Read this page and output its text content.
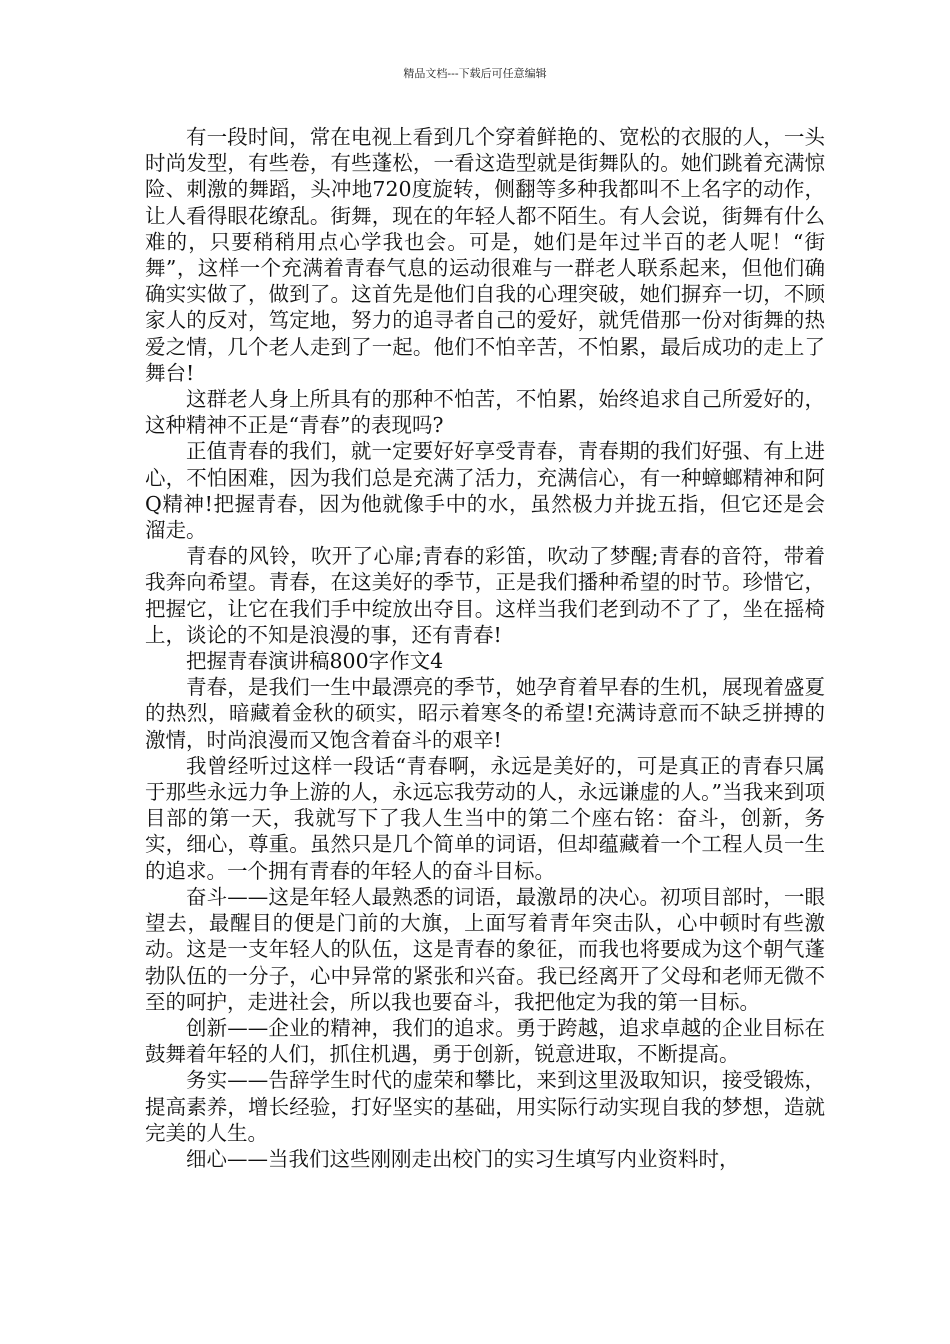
精品文档---下载后可任意编辑

有一段时间，常在电视上看到几个穿着鲜艳的、宽松的衣服的人，一头时尚发型，有些卷，有些蓬松，一看这造型就是街舞队的。她们跳着充满惊险、刺激的舞蹈，头冲地720度旋转，侧翻等多种我都叫不上名字的动作，让人看得眼花缭乱。街舞，现在的年轻人都不陌生。有人会说，街舞有什么难的，只要稍稍用点心学我也会。可是，她们是年过半百的老人呢！“街舞”，这样一个充满着青春气息的运动很难与一群老人联系起来，但他们确确实实做了，做到了。这首先是他们自我的心理突破，她们摒弃一切，不顾家人的反对，笃定地，努力的追寻者自己的爱好，就凭借那一份对街舞的热爱之情，几个老人走到了一起。他们不怕辛苦，不怕累，最后成功的走上了舞台!

这群老人身上所具有的那种不怕苦，不怕累，始终追求自己所爱好的，这种精神不正是“青春”的表现吗?

正值青春的我们，就一定要好好享受青春，青春期的我们好强、有上进心，不怕困难，因为我们总是充满了活力，充满信心，有一种蟑螂精神和阿Q精神!把握青春，因为他就像手中的水，虽然极力并拢五指，但它还是会溜走。

青春的风铃，吹开了心扉;青春的彩笛，吹动了梦醒;青春的音符，带着我奔向希望。青春，在这美好的季节，正是我们播种希望的时节。珍惜它，把握它，让它在我们手中绽放出夺目。这样当我们老到动不了了，坐在摇椅上，谈论的不知是浪漫的事，还有青春!

把握青春演讲稿800字作文4

青春，是我们一生中最漂亮的季节，她孕育着早春的生机，展现着盛夏的热烈，暗藏着金秋的硕实，昭示着寒冬的希望!充满诗意而不缺乏拼搏的激情，时尚浪漫而又饱含着奋斗的艰辛!

我曾经听过这样一段话“青春啊，永远是美好的，可是真正的青春只属于那些永远力争上游的人，永远忘我劳动的人，永远谦虚的人。”当我来到项目部的第一天，我就写下了我人生当中的第二个座右铭：奋斗，创新，务实，细心，尊重。虽然只是几个简单的词语，但却蕴藏着一个工程人员一生的追求。一个拥有青春的年轻人的奋斗目标。

奋斗——这是年轻人最熟悉的词语，最激昂的决心。初项目部时，一眼望去，最醒目的便是门前的大旗，上面写着青年突击队，心中顿时有些激动。这是一支年轻人的队伍，这是青春的象征，而我也将要成为这个朝气蓬勃队伍的一分子，心中异常的紧张和兴奋。我已经离开了父母和老师无微不至的呵护，走进社会，所以我也要奋斗，我把他定为我的第一目标。

创新——企业的精神，我们的追求。勇于跨越，追求卓越的企业目标在鼓舞着年轻的人们，抓住机遇，勇于创新，锐意进取，不断提高。

务实——告辞学生时代的虚荣和攀比，来到这里汲取知识，接受锻炼，提高素养，增长经验，打好坚实的基础，用实际行动实现自我的梦想，造就完美的人生。

细心——当我们这些刚刚走出校门的实习生填写内业资料时，
